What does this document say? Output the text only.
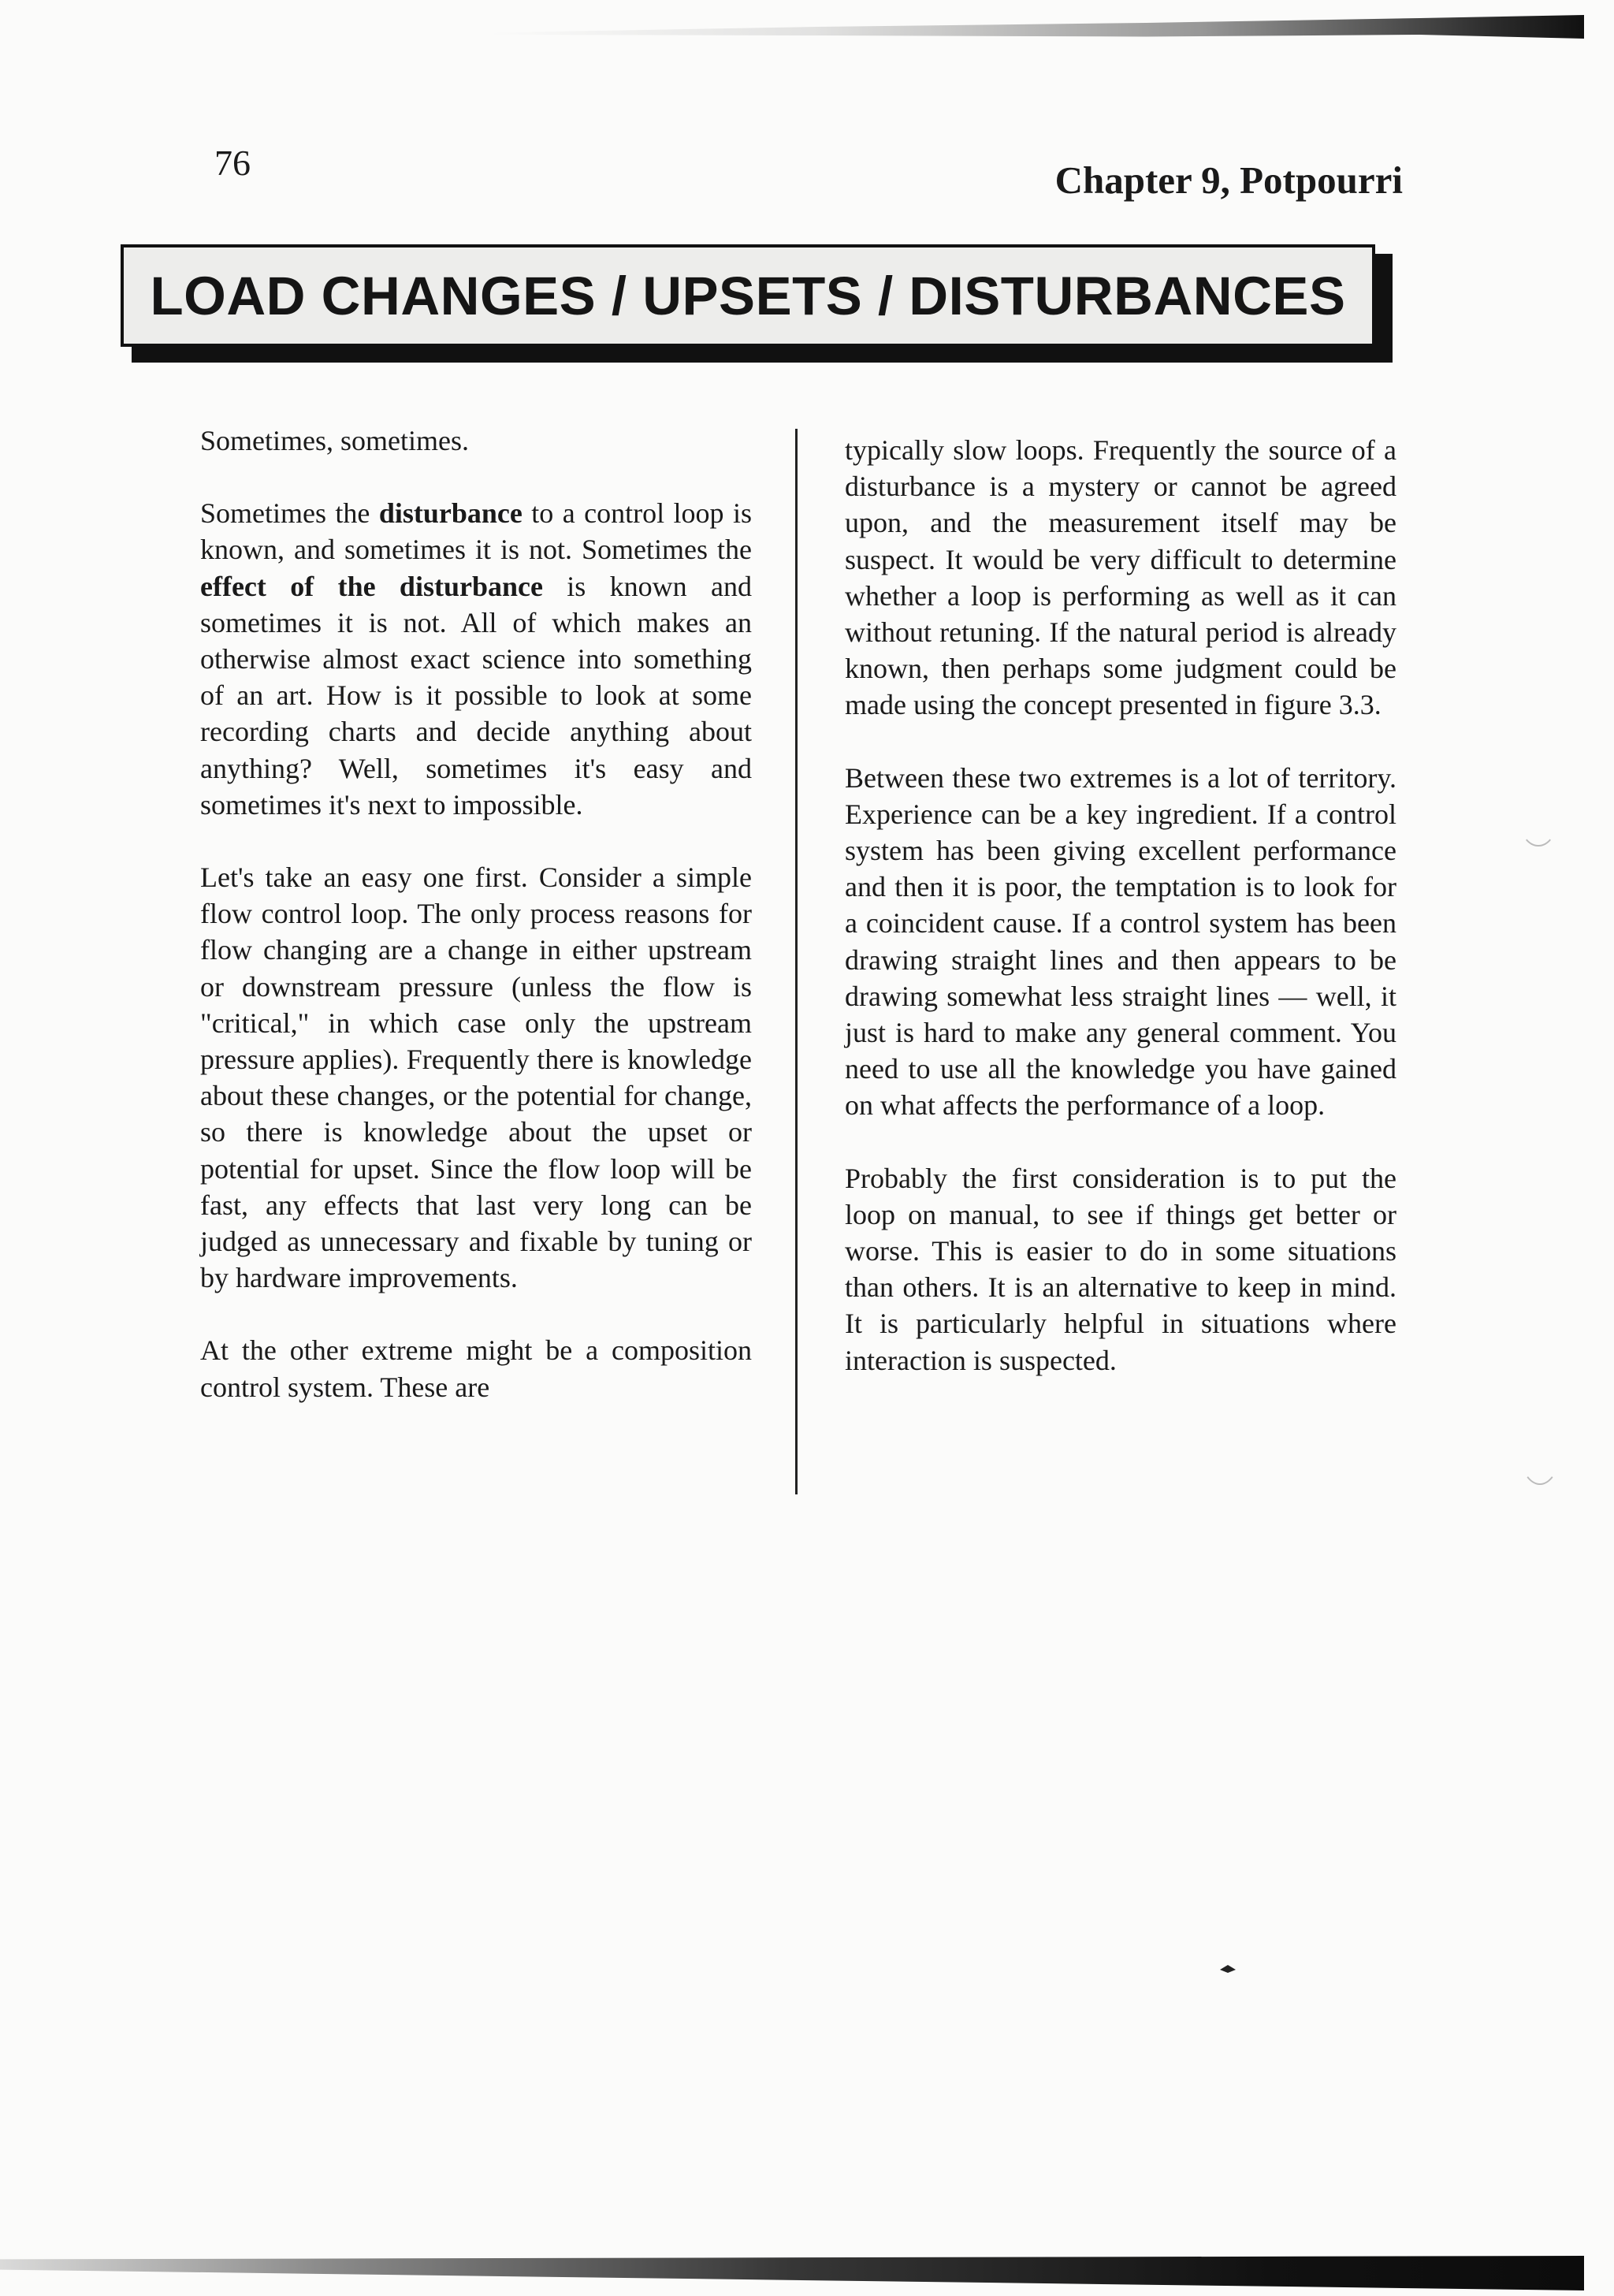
76	Chapter 9, Potpourri
LOAD CHANGES / UPSETS / DISTURBANCES

Sometimes, sometimes.

Sometimes the disturbance to a control loop is known, and sometimes it is not. Sometimes the effect of the disturbance is known and sometimes it is not. All of which makes an otherwise almost exact science into something of an art. How is it possible to look at some recording charts and decide anything about anything? Well, sometimes it's easy and sometimes it's next to impossible.

Let's take an easy one first. Consider a simple flow control loop. The only process reasons for flow changing are a change in either upstream or downstream pressure (unless the flow is "critical," in which case only the upstream pressure applies). Frequently there is knowledge about these changes, or the potential for change, so there is knowledge about the upset or potential for upset. Since the flow loop will be fast, any effects that last very long can be judged as unnecessary and fixable by tuning or by hardware improvements.

At the other extreme might be a composition control system. These are

typically slow loops. Frequently the source of a disturbance is a mystery or cannot be agreed upon, and the measurement itself may be suspect. It would be very difficult to determine whether a loop is performing as well as it can without retuning. If the natural period is already known, then perhaps some judgment could be made using the concept presented in figure 3.3.

Between these two extremes is a lot of territory. Experience can be a key ingredient. If a control system has been giving excellent performance and then it is poor, the temptation is to look for a coincident cause. If a control system has been drawing straight lines and then appears to be drawing somewhat less straight lines — well, it just is hard to make any general comment. You need to use all the knowledge you have gained on what affects the performance of a loop.

Probably the first consideration is to put the loop on manual, to see if things get better or worse. This is easier to do in some situations than others. It is an alternative to keep in mind. It is particularly helpful in situations where interaction is suspected.
